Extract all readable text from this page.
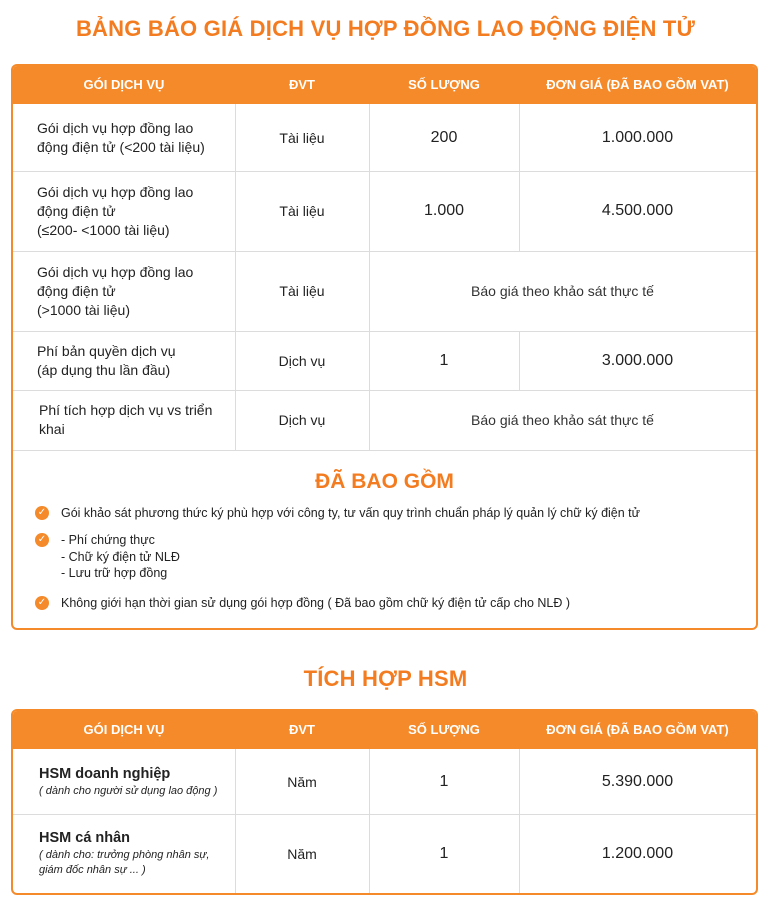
BẢNG BÁO GIÁ DỊCH VỤ HỢP ĐỒNG LAO ĐỘNG ĐIỆN TỬ
GÓI DỊCH VỤ	ĐVT	SỐ LƯỢNG	ĐƠN GIÁ (ĐÃ BAO GỒM VAT)
Gói dịch vụ hợp đồng lao
động điện tử (<200 tài liệu)
Tài liệu	200	1.000.000
Gói dịch vụ hợp đồng lao
động điện tử
(≤200- <1000 tài liệu)
Tài liệu	1.000	4.500.000
Gói dịch vụ hợp đồng lao
động điện tử
(>1000 tài liệu)
Tài liệu	Báo giá theo khảo sát thực tế
Phí bản quyền dịch vụ
(áp dụng thu lần đầu)
Dịch vụ	1	3.000.000
Phí tích hợp dịch vụ vs triển
khai
Dịch vụ	Báo giá theo khảo sát thực tế
ĐÃ BAO GỒM
✓ Gói khảo sát phương thức ký phù hợp với công ty, tư vấn quy trình chuẩn pháp lý quản lý chữ ký điện tử
✓ - Phí chứng thực
- Chữ ký điện tử NLĐ
- Lưu trữ hợp đồng
✓ Không giới hạn thời gian sử dụng gói hợp đồng ( Đã bao gồm chữ ký điện tử cấp cho NLĐ )
TÍCH HỢP HSM
GÓI DỊCH VỤ	ĐVT	SỐ LƯỢNG	ĐƠN GIÁ (ĐÃ BAO GỒM VAT)
HSM doanh nghiệp
( dành cho người sử dụng lao động )
Năm	1	5.390.000
HSM cá nhân
( dành cho: trưởng phòng nhân sự,
giám đốc nhân sự ... )
Năm	1	1.200.000
